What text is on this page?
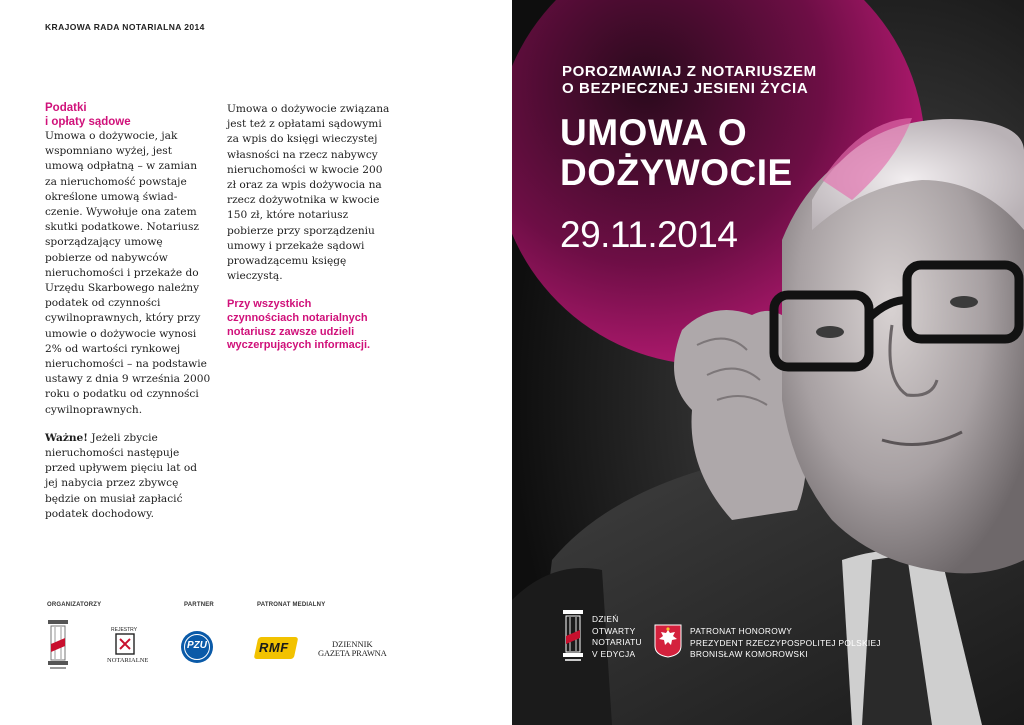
KRAJOWA RADA NOTARIALNA 2014

Podatki
i opłaty sądowe

Umowa o dożywocie, jak wspomniano wyżej, jest umową odpłatną – w zamian za nieruchomość powstaje określone umową świadczenie. Wywołuje ona zatem skutki podatkowe. Notariusz sporządzający umowę pobierze od nabywców nieruchomości i przekaże do Urzędu Skarbowego należny podatek od czynności cywilnoprawnych, który przy umowie o dożywocie wynosi 2% od wartości rynkowej nieruchomości – na podstawie ustawy z dnia 9 września 2000 roku o podatku od czynności cywilnoprawnych.

Ważne! Jeżeli zbycie nieruchomości następuje przed upływem pięciu lat od jej nabycia przez zbywcę będzie on musiał zapłacić podatek dochodowy.

Umowa o dożywocie związana jest też z opłatami sądowymi za wpis do księgi wieczystej własności na rzecz nabywcy nieruchomości w kwocie 200 zł oraz za wpis dożywocia na rzecz dożywotnika w kwocie 150 zł, które notariusz pobierze przy sporządzeniu umowy i przekaże sądowi prowadzącemu księgę wieczystą.

Przy wszystkich
czynnościach notarialnych
notariusz zawsze udzieli
wyczerpujących informacji.

ORGANIZATORZY	PARTNER	PATRONAT MEDIALNY
REJESTRY
NOTARIALNE
PZU	RMF	DZIENNIK
GAZETA PRAWNA
POROZMAWIAJ Z NOTARIUSZEM
O BEZPIECZNEJ JESIENI ŻYCIA
UMOWA O
DOŻYWOCIE
29.11.2014
DZIEŃ
OTWARTY
NOTARIATU
V EDYCJA
PATRONAT HONOROWY
PREZYDENT RZECZYPOSPOLITEJ POLSKIEJ
BRONISŁAW KOMOROWSKI
